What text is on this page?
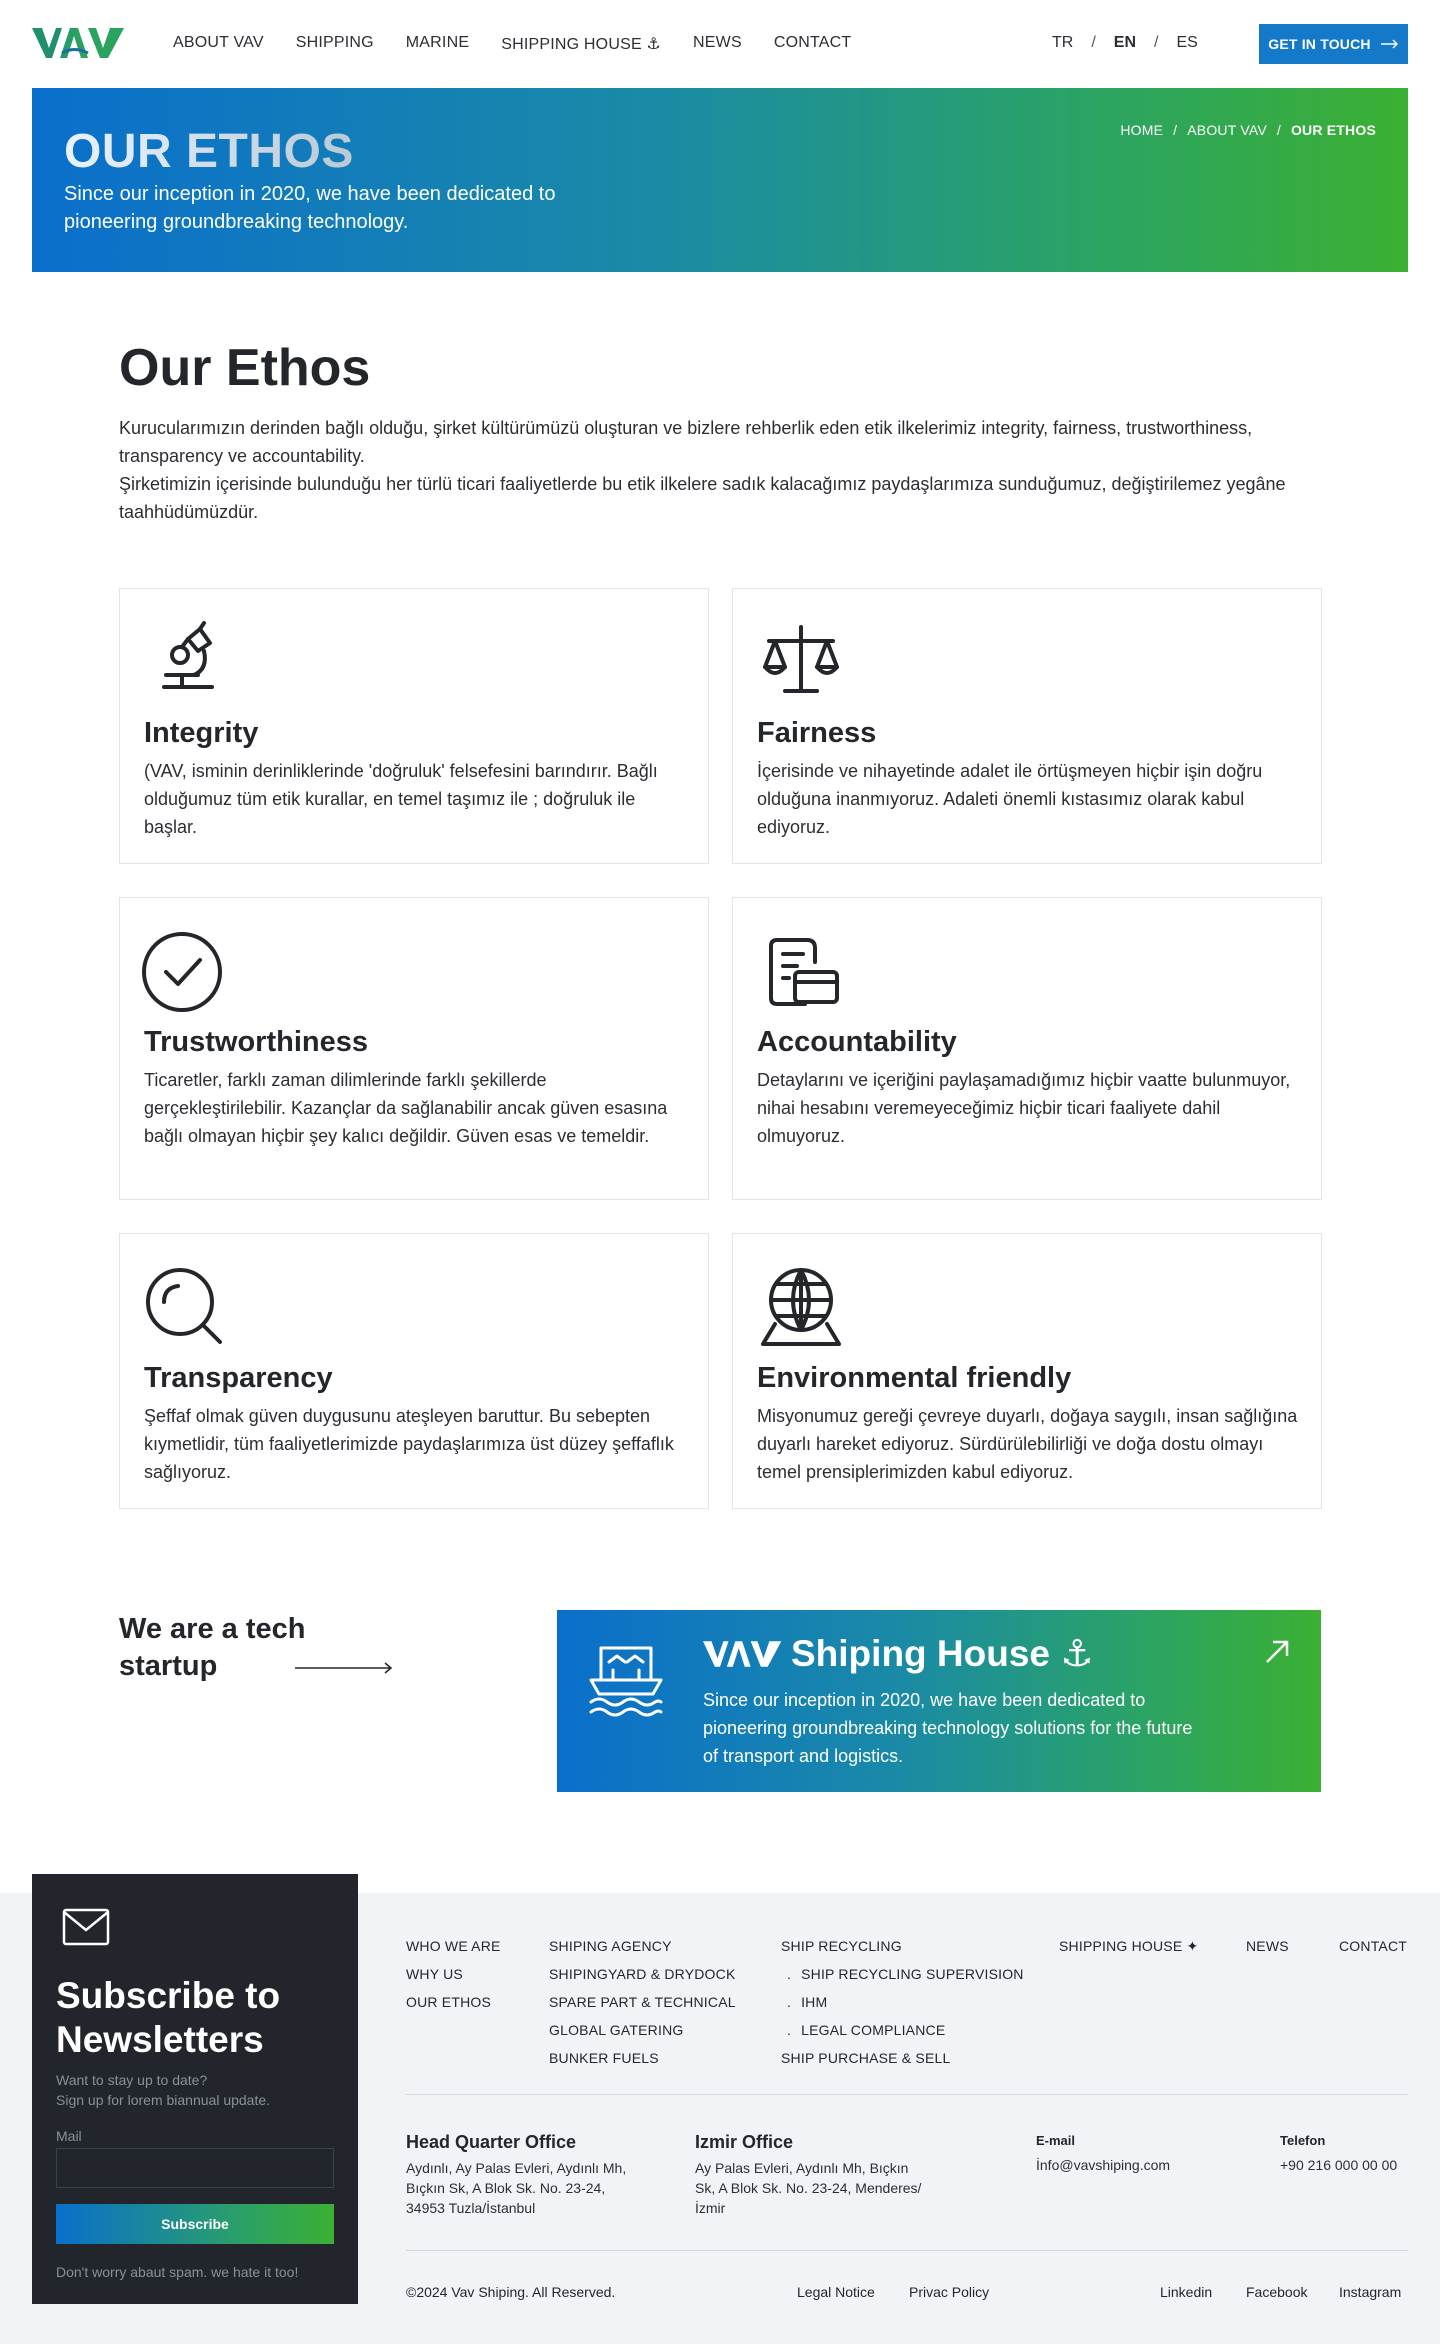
ABOUT VAV SHIPPING MARINE SHIPPING HOUSE ⚓ NEWS CONTACT	TR / EN / ES	GET IN TOUCH
OUR ETHOS

Since our inception in 2020, we have been dedicated to pioneering groundbreaking technology.

HOME / ABOUT VAV / OUR ETHOS
Our Ethos
Kurucularımızın derinden bağlı olduğu, şirket kültürümüzü oluşturan ve bizlere rehberlik eden etik ilkelerimiz integrity, fairness, trustworthiness, transparency ve accountability.
Şirketimizin içerisinde bulunduğu her türlü ticari faaliyetlerde bu etik ilkelere sadık kalacağımız paydaşlarımıza sunduğumuz, değiştirilemez yegâne taahhüdümüzdür.
Integrity

(VAV, isminin derinliklerinde 'doğruluk' felsefesini barındırır. Bağlı olduğumuz tüm etik kurallar, en temel taşımız ile ; doğruluk ile başlar.

Fairness

İçerisinde ve nihayetinde adalet ile örtüşmeyen hiçbir işin doğru olduğuna inanmıyoruz. Adaleti önemli kıstasımız olarak kabul ediyoruz.

Trustworthiness

Ticaretler, farklı zaman dilimlerinde farklı şekillerde gerçekleştirilebilir. Kazançlar da sağlanabilir ancak güven esasına bağlı olmayan hiçbir şey kalıcı değildir. Güven esas ve temeldir.

Accountability

Detaylarını ve içeriğini paylaşamadığımız hiçbir vaatte bulunmuyor, nihai hesabını veremeyeceğimiz hiçbir ticari faaliyete dahil olmuyoruz.

Transparency

Şeffaf olmak güven duygusunu ateşleyen baruttur. Bu sebepten kıymetlidir, tüm faaliyetlerimizde paydaşlarımıza üst düzey şeffaflık sağlıyoruz.

Environmental friendly

Misyonumuz gereği çevreye duyarlı, doğaya saygılı, insan sağlığına duyarlı hareket ediyoruz. Sürdürülebilirliği ve doğa dostu olmayı temel prensiplerimizden kabul ediyoruz.

We are a tech startup	Shiping House ⚓
Since our inception in 2020, we have been dedicated to pioneering groundbreaking technology solutions for the future of transport and logistics.
Subscribe to Newsletters
Want to stay up to date?
Sign up for lorem biannual update.
Mail
Subscribe
Don't worry abaut spam. we hate it too!
WHO WE ARE
WHY US
OUR ETHOS
SHIPING AGENCY
SHIPINGYARD & DRYDOCK
SPARE PART & TECHNICAL
GLOBAL GATERING
BUNKER FUELS
SHIP RECYCLING
. SHIP RECYCLING SUPERVISION
. IHM
. LEGAL COMPLIANCE
SHIP PURCHASE & SELL
SHIPPING HOUSE ✦	NEWS	CONTACT
Head Quarter Office
Aydınlı, Ay Palas Evleri, Aydınlı Mh, Bıçkın Sk, A Blok Sk. No. 23-24, 34953 Tuzla/İstanbul
Izmir Office
Ay Palas Evleri, Aydınlı Mh, Bıçkın Sk, A Blok Sk. No. 23-24, Menderes/İzmir
E-mail
İnfo@vavshiping.com
Telefon
+90 216 000 00 00
©2024 Vav Shiping. All Reserved.	Legal Notice Privac Policy	Linkedin Facebook Instagram
